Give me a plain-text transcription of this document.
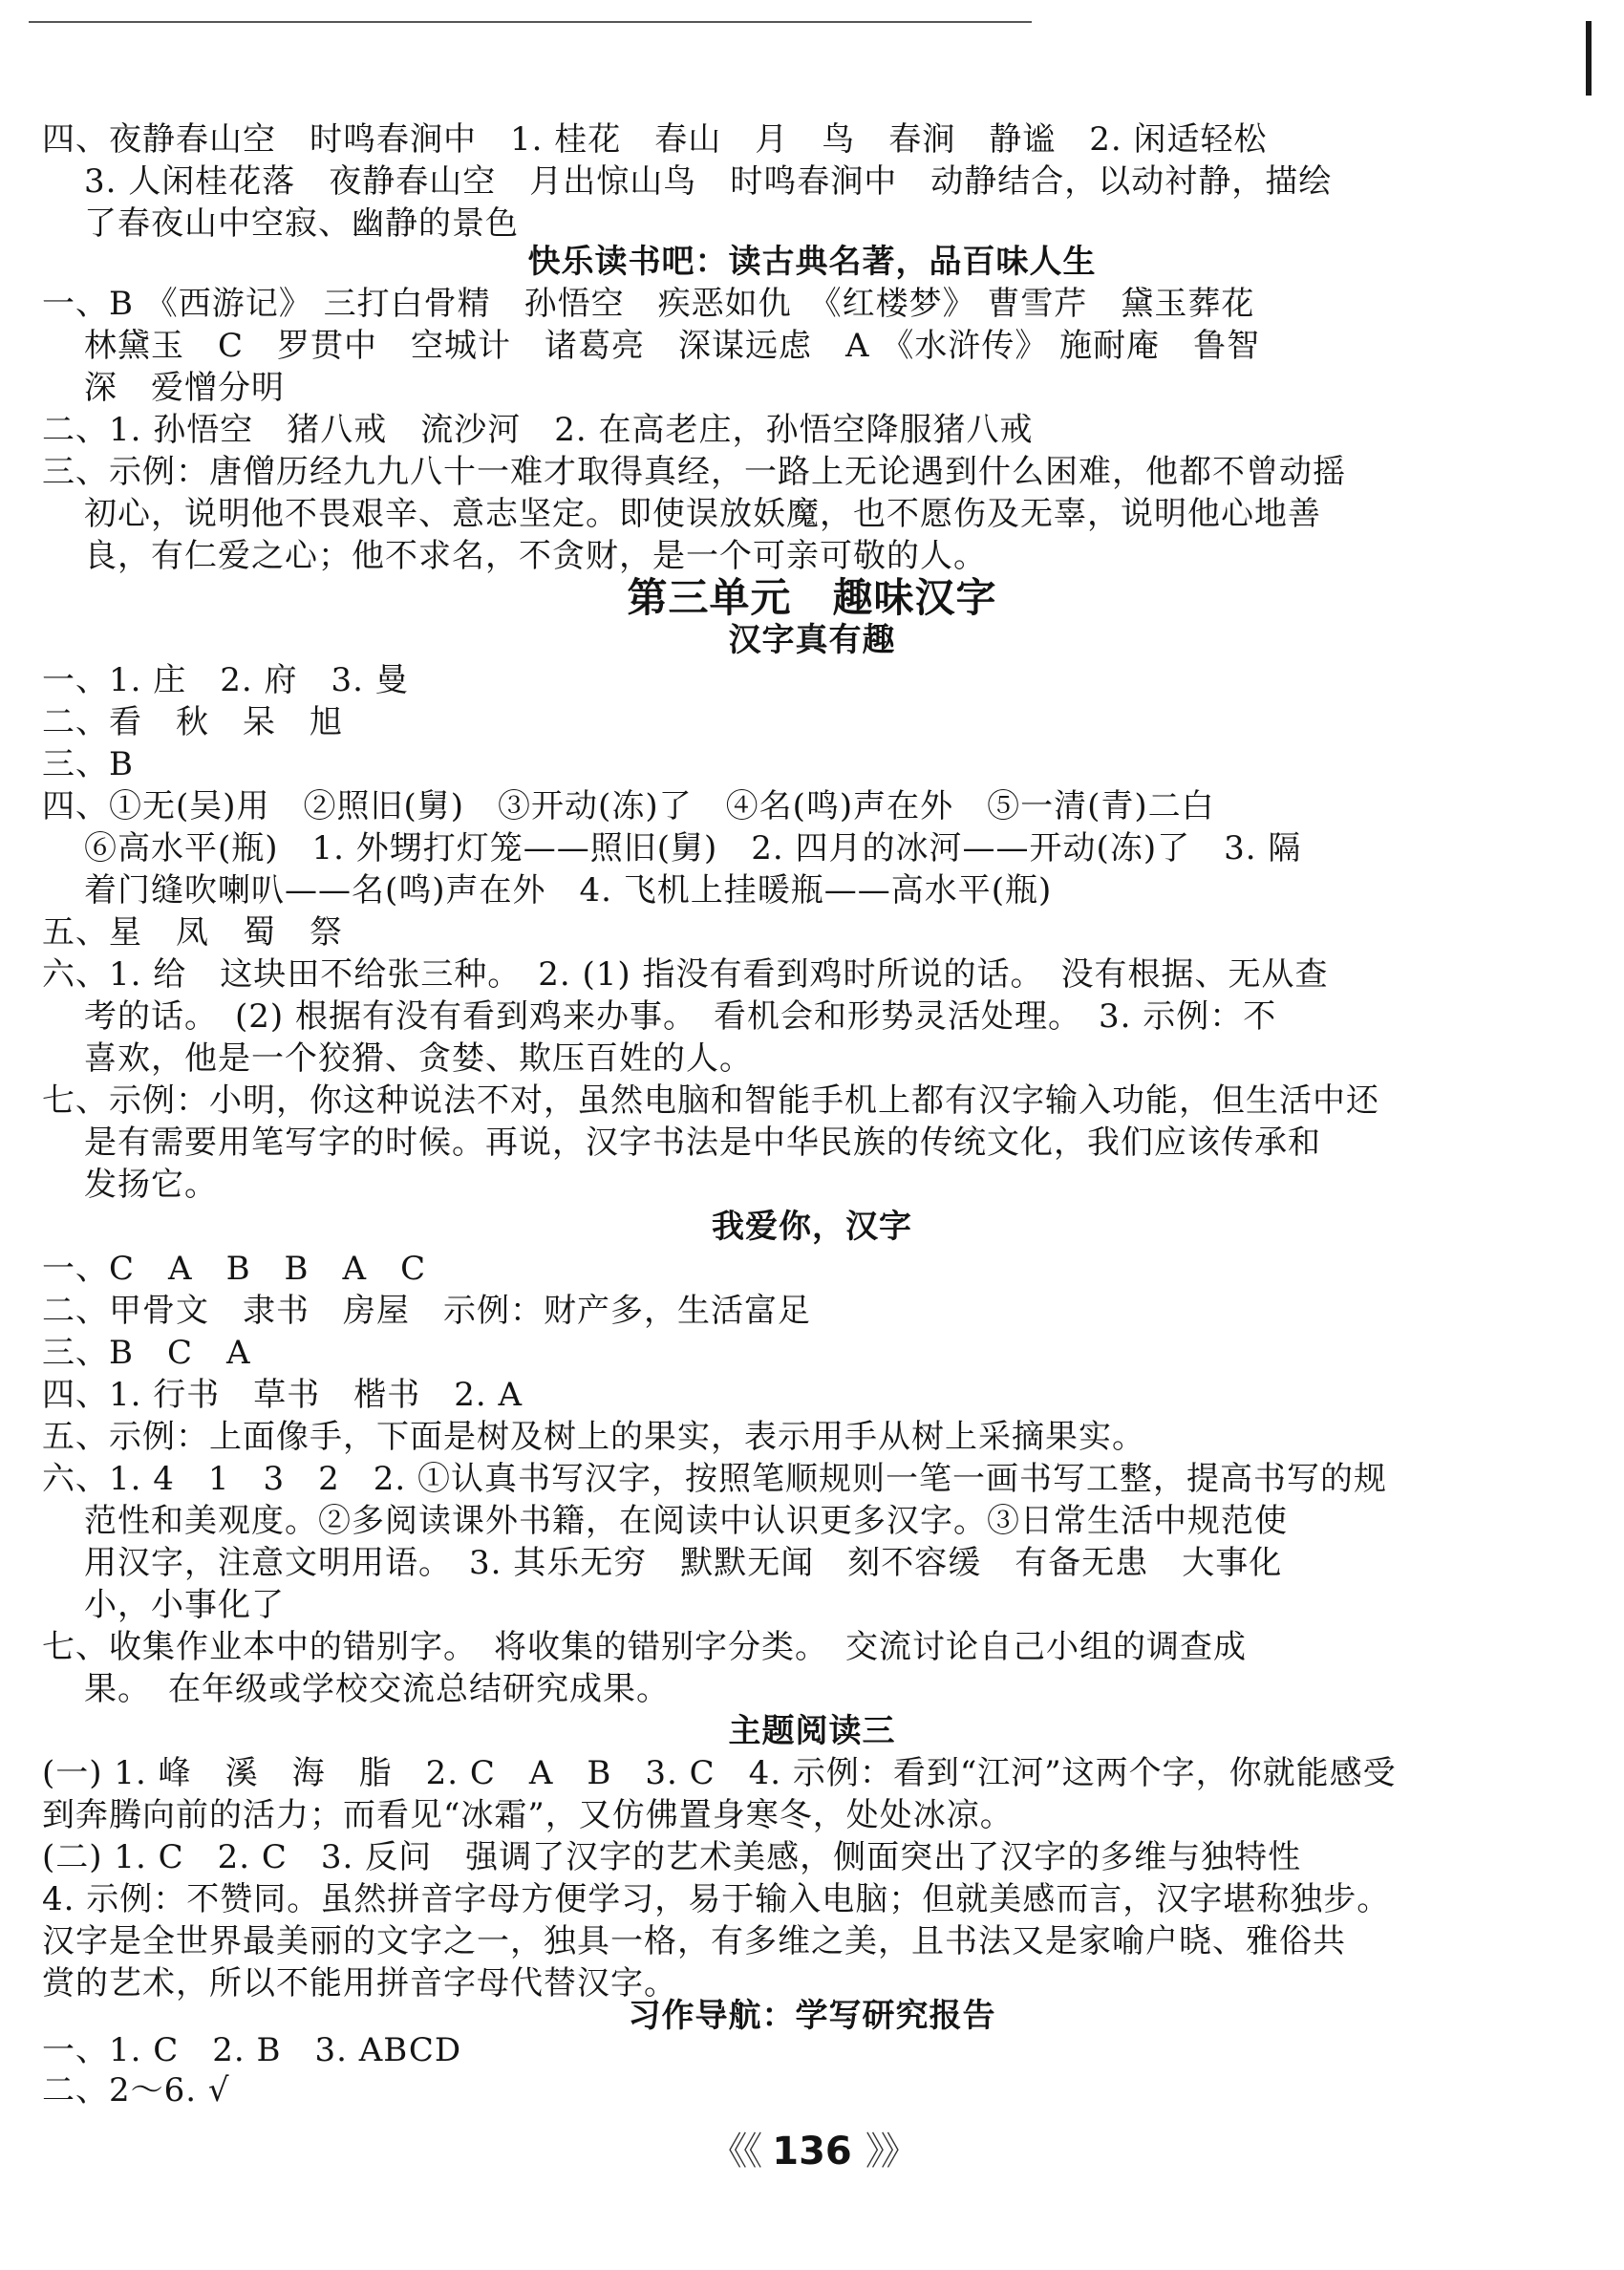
四、夜静春山空　时鸣春涧中　1. 桂花　春山　月　鸟　春涧　静谧　2. 闲适轻松
3. 人闲桂花落　夜静春山空　月出惊山鸟　时鸣春涧中　动静结合，以动衬静，描绘
了春夜山中空寂、幽静的景色
快乐读书吧：读古典名著，品百味人生
一、B 《西游记》 三打白骨精　孙悟空　疾恶如仇　《红楼梦》 曹雪芹　黛玉葬花
林黛玉　C　罗贯中　空城计　诸葛亮　深谋远虑　A 《水浒传》 施耐庵　鲁智
深　爱憎分明
二、1. 孙悟空　猪八戒　流沙河　2. 在高老庄，孙悟空降服猪八戒
三、示例：唐僧历经九九八十一难才取得真经，一路上无论遇到什么困难，他都不曾动摇
初心，说明他不畏艰辛、意志坚定。即使误放妖魔，也不愿伤及无辜，说明他心地善
良，有仁爱之心；他不求名，不贪财，是一个可亲可敬的人。
第三单元　趣味汉字
汉字真有趣
一、1. 庄　2. 府　3. 曼
二、看　秋　呆　旭
三、B
四、①无(吴)用　②照旧(舅)　③开动(冻)了　④名(鸣)声在外　⑤一清(青)二白
⑥高水平(瓶)　1. 外甥打灯笼——照旧(舅)　2. 四月的冰河——开动(冻)了　3. 隔
着门缝吹喇叭——名(鸣)声在外　4. 飞机上挂暖瓶——高水平(瓶)
五、星　凤　蜀　祭
六、1. 给　这块田不给张三种。　2. (1) 指没有看到鸡时所说的话。　没有根据、无从查
考的话。　(2) 根据有没有看到鸡来办事。　看机会和形势灵活处理。　3. 示例：不
喜欢，他是一个狡猾、贪婪、欺压百姓的人。
七、示例：小明，你这种说法不对，虽然电脑和智能手机上都有汉字输入功能，但生活中还
是有需要用笔写字的时候。再说，汉字书法是中华民族的传统文化，我们应该传承和
发扬它。
我爱你，汉字
一、C　A　B　B　A　C
二、甲骨文　隶书　房屋　示例：财产多，生活富足
三、B　C　A
四、1. 行书　草书　楷书　2. A
五、示例：上面像手，下面是树及树上的果实，表示用手从树上采摘果实。
六、1. 4　1　3　2　2. ①认真书写汉字，按照笔顺规则一笔一画书写工整，提高书写的规
范性和美观度。②多阅读课外书籍，在阅读中认识更多汉字。③日常生活中规范使
用汉字，注意文明用语。　3. 其乐无穷　默默无闻　刻不容缓　有备无患　大事化
小，小事化了
七、收集作业本中的错别字。　将收集的错别字分类。　交流讨论自己小组的调查成
果。　在年级或学校交流总结研究成果。
主题阅读三
(一) 1. 峰　溪　海　脂　2. C　A　B　3. C　4. 示例：看到“江河”这两个字，你就能感受
到奔腾向前的活力；而看见“冰霜”，又仿佛置身寒冬，处处冰凉。
(二) 1. C　2. C　3. 反问　强调了汉字的艺术美感，侧面突出了汉字的多维与独特性
4. 示例：不赞同。虽然拼音字母方便学习，易于输入电脑；但就美感而言，汉字堪称独步。
汉字是全世界最美丽的文字之一，独具一格，有多维之美，且书法又是家喻户晓、雅俗共
赏的艺术，所以不能用拼音字母代替汉字。
习作导航：学写研究报告
一、1. C　2. B　3. ABCD
二、2～6. √
《《 136 》》
